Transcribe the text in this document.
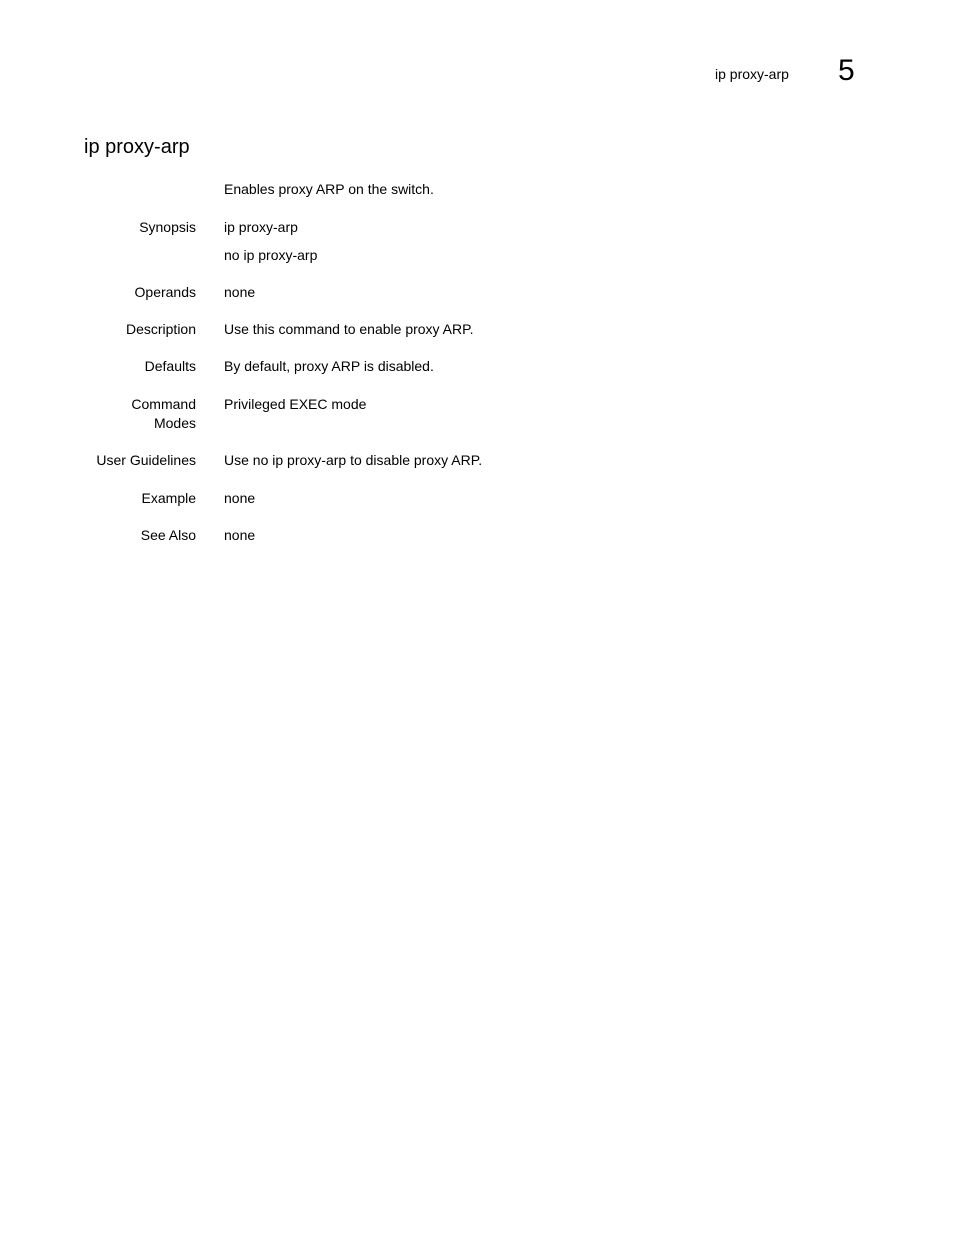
ip proxy-arp 5
ip proxy-arp
Enables proxy ARP on the switch.
Synopsis ip proxy-arp
no ip proxy-arp
Operands none
Description Use this command to enable proxy ARP.
Defaults By default, proxy ARP is disabled.
Command
Modes
Privileged EXEC mode
User Guidelines Use no ip proxy-arp to disable proxy ARP.
Example none
See Also none
